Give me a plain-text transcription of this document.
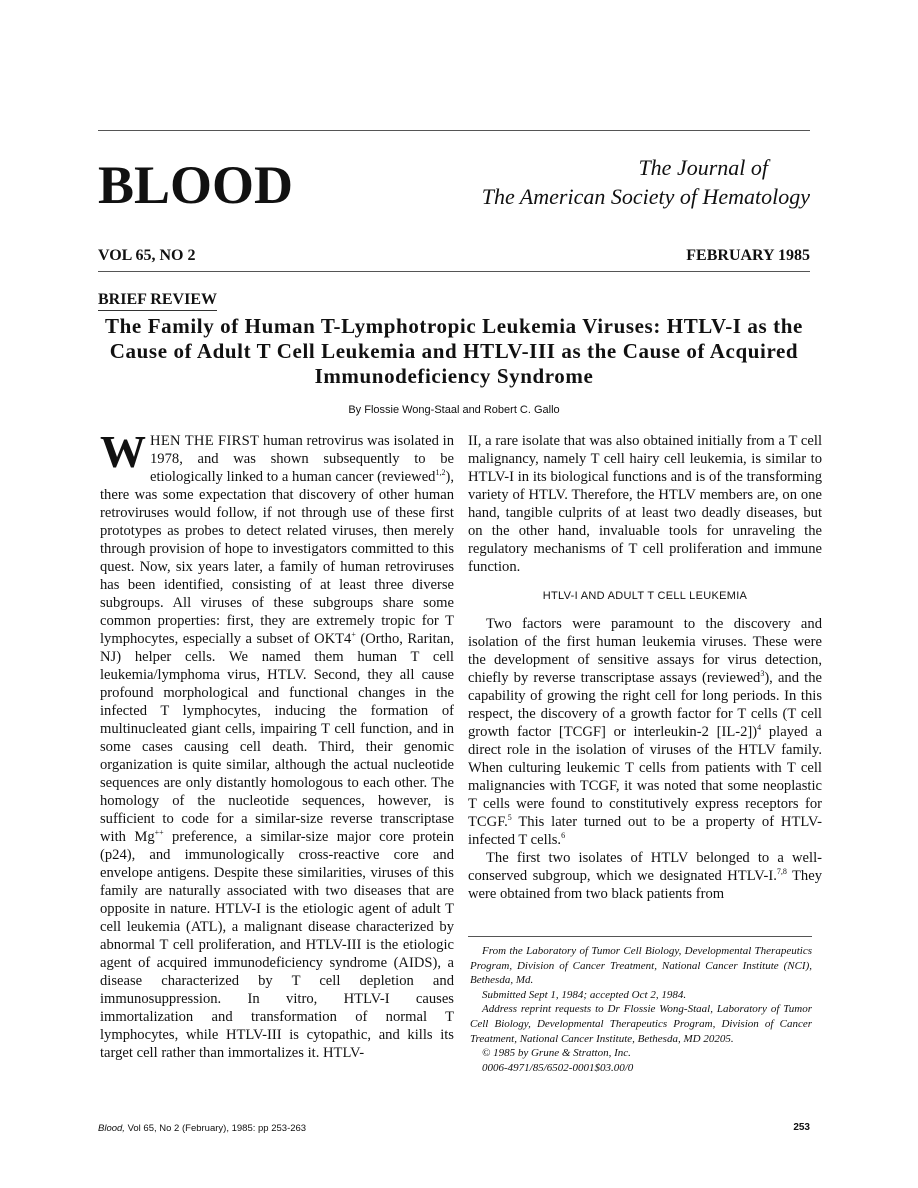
BLOOD	The Journal of
The American Society of Hematology
VOL 65, NO 2	FEBRUARY 1985
BRIEF REVIEW
The Family of Human T-Lymphotropic Leukemia Viruses: HTLV-I as the Cause of Adult T Cell Leukemia and HTLV-III as the Cause of Acquired Immunodeficiency Syndrome
By Flossie Wong-Staal and Robert C. Gallo

WHEN THE FIRST human retrovirus was isolated in 1978, and was shown subsequently to be etiologically linked to a human cancer (reviewed$^{1,2}$), there was some expectation that discovery of other human retroviruses would follow, if not through use of these first prototypes as probes to detect related viruses, then merely through provision of hope to investigators committed to this quest. Now, six years later, a family of human retroviruses has been identified, consisting of at least three diverse subgroups. All viruses of these subgroups share some common properties: first, they are extremely tropic for T lymphocytes, especially a subset of OKT4+ (Ortho, Raritan, NJ) helper cells. We named them human T cell leukemia/lymphoma virus, HTLV. Second, they all cause profound morphological and functional changes in the infected T lymphocytes, inducing the formation of multinucleated giant cells, impairing T cell function, and in some cases causing cell death. Third, their genomic organization is quite similar, although the actual nucleotide sequences are only distantly homologous to each other. The homology of the nucleotide sequences, however, is sufficient to code for a similar-size reverse transcriptase with Mg++ preference, a similar-size major core protein (p24), and immunologically cross-reactive core and envelope antigens. Despite these similarities, viruses of this family are naturally associated with two diseases that are opposite in nature. HTLV-I is the etiologic agent of adult T cell leukemia (ATL), a malignant disease characterized by abnormal T cell proliferation, and HTLV-III is the etiologic agent of acquired immunodeficiency syndrome (AIDS), a disease characterized by T cell depletion and immunosuppression. In vitro, HTLV-I causes immortalization and transformation of normal T lymphocytes, while HTLV-III is cytopathic, and kills its target cell rather than immortalizes it. HTLV-

II, a rare isolate that was also obtained initially from a T cell malignancy, namely T cell hairy cell leukemia, is similar to HTLV-I in its biological functions and is of the transforming variety of HTLV. Therefore, the HTLV members are, on one hand, tangible culprits of at least two deadly diseases, but on the other hand, invaluable tools for unraveling the regulatory mechanisms of T cell proliferation and immune function.

HTLV-I AND ADULT T CELL LEUKEMIA

Two factors were paramount to the discovery and isolation of the first human leukemia viruses. These were the development of sensitive assays for virus detection, chiefly by reverse transcriptase assays (reviewed$^3$), and the capability of growing the right cell for long periods. In this respect, the discovery of a growth factor for T cells (T cell growth factor [TCGF] or interleukin-2 [IL-2])$^4$ played a direct role in the isolation of viruses of the HTLV family. When culturing leukemic T cells from patients with T cell malignancies with TCGF, it was noted that some neoplastic T cells were found to constitutively express receptors for TCGF.$^5$ This later turned out to be a property of HTLV-infected T cells.$^6$

The first two isolates of HTLV belonged to a well-conserved subgroup, which we designated HTLV-I.$^{7,8}$ They were obtained from two black patients from

From the Laboratory of Tumor Cell Biology, Developmental Therapeutics Program, Division of Cancer Treatment, National Cancer Institute (NCI), Bethesda, Md.

Submitted Sept 1, 1984; accepted Oct 2, 1984.

Address reprint requests to Dr Flossie Wong-Staal, Laboratory of Tumor Cell Biology, Developmental Therapeutics Program, Division of Cancer Treatment, National Cancer Institute, Bethesda, MD 20205.

© 1985 by Grune & Stratton, Inc.

0006-4971/85/6502-0001$03.00/0

Blood, Vol 65, No 2 (February), 1985: pp 253-263	253
